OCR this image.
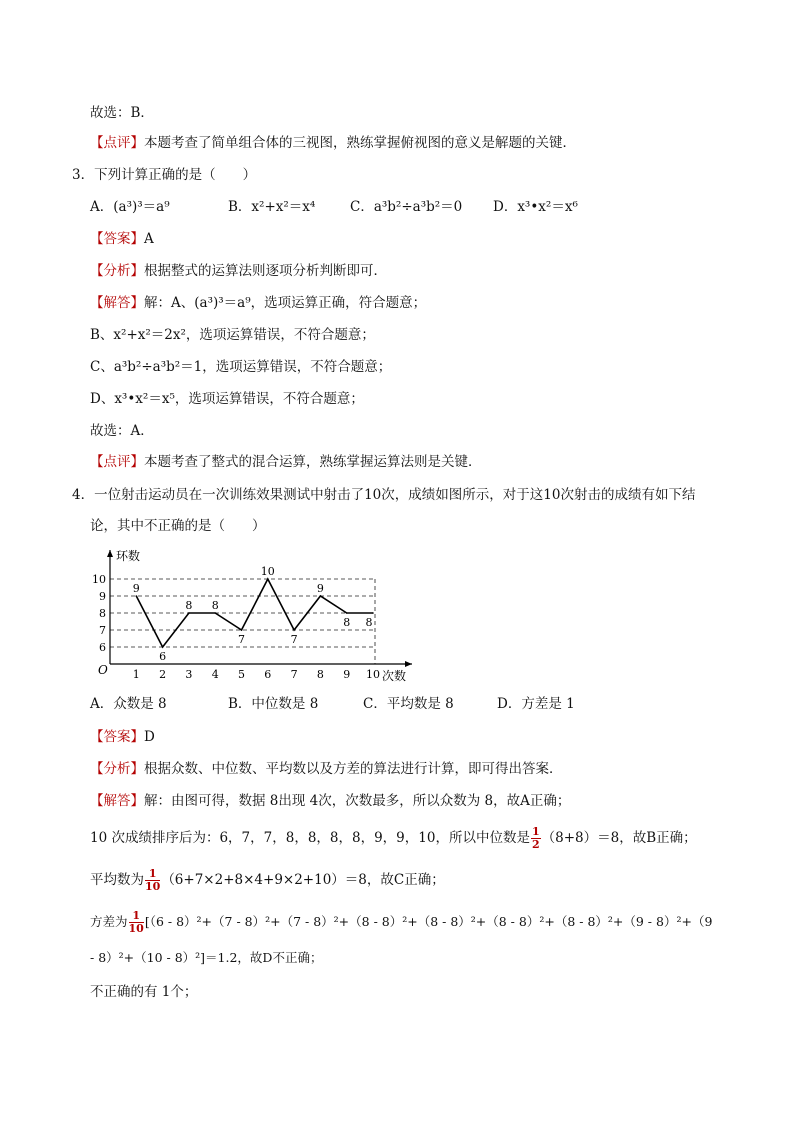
故选：B．
【点评】本题考查了简单组合体的三视图，熟练掌握俯视图的意义是解题的关键．
3．下列计算正确的是（　　）
A．(a³)³＝a⁹	B．x²+x²＝x⁴	C．a³b²÷a³b²＝0 D．x³•x²＝x⁶
【答案】A
【分析】根据整式的运算法则逐项分析判断即可．
【解答】解：A、(a³)³＝a⁹，选项运算正确，符合题意；
B、x²+x²＝2x²，选项运算错误，不符合题意；
C、a³b²÷a³b²＝1，选项运算错误，不符合题意；
D、x³•x²＝x⁵，选项运算错误，不符合题意；
故选：A．
【点评】本题考查了整式的混合运算，熟练掌握运算法则是关键．
4．一位射击运动员在一次训练效果测试中射击了10次，成绩如图所示，对于这10次射击的成绩有如下结
论，其中不正确的是（　　）
环数
次数
O 1 2 3 4 5 6 7 8 9 10
6
7
8
9
10
9
6
8 8
7
10
7
9
8 8
A．众数是 8	B．中位数是 8	C．平均数是 8	D．方差是 1
【答案】D
【分析】根据众数、中位数、平均数以及方差的算法进行计算，即可得出答案．
【解答】解：由图可得，数据 8出现 4次，次数最多，所以众数为 8，故A正确；
10 次成绩排序后为：6，7，7，8，8，8，8，9，9，10，所以中位数是 $\frac{1}{2} (8+8)=8$，故B正确；
平均数为 $\frac{1}{10} (6+7\times 2+8\times 4+9\times 2+10)=8$，故C正确；
方差为 $\frac{1}{10} [(6 - 8)^2+(7 - 8)^2+(7 - 8)^2+(8 - 8)^2+(8 - 8)^2+(8 - 8)^2+(8 - 8)^2+(9 - 8)^2+(9$
- 8）²+（10 - 8）²]＝1.2，故D不正确；
不正确的有 1个；
